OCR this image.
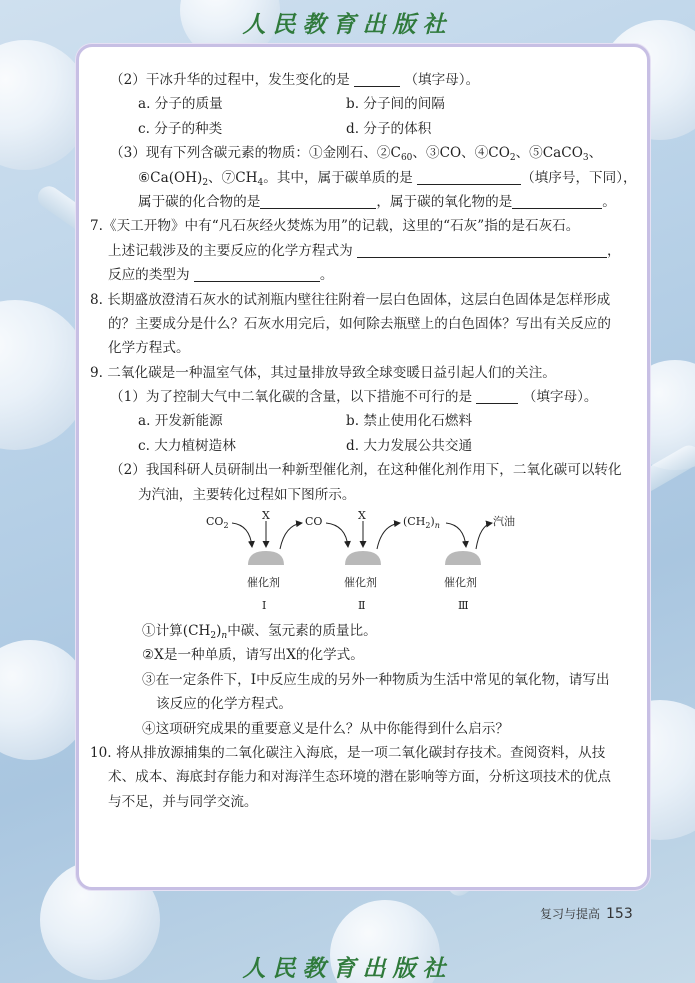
人民教育出版社
（2）干冰升华的过程中，发生变化的是	（填字母）。
a. 分子的质量	b. 分子间的间隔
c. 分子的种类	d. 分子的体积
（3）现有下列含碳元素的物质：①金刚石、$②C_{60}$、③CO、$④CO_2$、⑤CaCO$_3$、
$⑥Ca(OH)_2$、$⑦CH_4$。其中，属于碳单质的是	（填序号，下同），
属于碳的化合物的是	，属于碳的氧化物的是	。
7.《天工开物》中有“凡石灰经火焚炼为用”的记载，这里的“石灰”指的是石灰石。
上述记载涉及的主要反应的化学方程式为	，
反应的类型为	。
8. 长期盛放澄清石灰水的试剂瓶内壁往往附着一层白色固体，这层白色固体是怎样形成
的？主要成分是什么？石灰水用完后，如何除去瓶壁上的白色固体？写出有关反应的
化学方程式。
9. 二氧化碳是一种温室气体，其过量排放导致全球变暖日益引起人们的关注。
（1）为了控制大气中二氧化碳的含量，以下措施不可行的是	（填字母）。
a. 开发新能源	b. 禁止使用化石燃料
c. 大力植树造林	d. 大力发展公共交通
（2）我国科研人员研制出一种新型催化剂，在这种催化剂作用下，二氧化碳可以转化
为汽油，主要转化过程如下图所示。
$CO_2$	CO	$(CH_2)_n$	汽油
X	X
催化剂	催化剂	催化剂
Ⅰ	Ⅱ	Ⅲ
①计算$(CH_2)_n$中碳、氢元素的质量比。
②X是一种单质，请写出X的化学式。
③在一定条件下，Ⅰ中反应生成的另外一种物质为生活中常见的氧化物，请写出
该反应的化学方程式。
④这项研究成果的重要意义是什么？从中你能得到什么启示？
10. 将从排放源捕集的二氧化碳注入海底，是一项二氧化碳封存技术。查阅资料，从技
术、成本、海底封存能力和对海洋生态环境的潜在影响等方面，分析这项技术的优点
与不足，并与同学交流。
复习与提高 153
人民教育出版社
